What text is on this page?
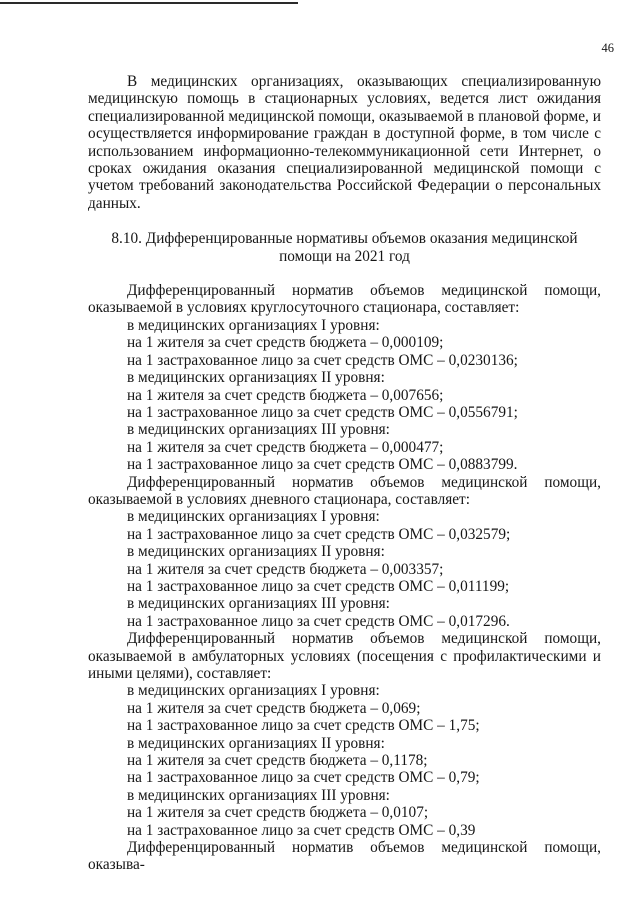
46

В медицинских организациях, оказывающих специализированную медицинскую помощь в стационарных условиях, ведется лист ожидания специализированной медицинской помощи, оказываемой в плановой форме, и осуществляется информирование граждан в доступной форме, в том числе с использованием информационно-телекоммуникационной сети Интернет, о сроках ожидания оказания специализированной медицинской помощи с учетом требований законодательства Российской Федерации о персональных данных.

8.10. Дифференцированные нормативы объемов оказания медицинской помощи на 2021 год

Дифференцированный норматив объемов медицинской помощи, оказываемой в условиях круглосуточного стационара, составляет:

в медицинских организациях I уровня:

на 1 жителя за счет средств бюджета – 0,000109;

на 1 застрахованное лицо за счет средств ОМС – 0,0230136;

в медицинских организациях II уровня:

на 1 жителя за счет средств бюджета – 0,007656;

на 1 застрахованное лицо за счет средств ОМС – 0,0556791;

в медицинских организациях III уровня:

на 1 жителя за счет средств бюджета – 0,000477;

на 1 застрахованное лицо за счет средств ОМС – 0,0883799.

Дифференцированный норматив объемов медицинской помощи, оказываемой в условиях дневного стационара, составляет:

в медицинских организациях I уровня:

на 1 застрахованное лицо за счет средств ОМС – 0,032579;

в медицинских организациях II уровня:

на 1 жителя за счет средств бюджета – 0,003357;

на 1 застрахованное лицо за счет средств ОМС – 0,011199;

в медицинских организациях III уровня:

на 1 застрахованное лицо за счет средств ОМС – 0,017296.

Дифференцированный норматив объемов медицинской помощи, оказываемой в амбулаторных условиях (посещения с профилактическими и иными целями), составляет:

в медицинских организациях I уровня:

на 1 жителя за счет средств бюджета – 0,069;

на 1 застрахованное лицо за счет средств ОМС – 1,75;

в медицинских организациях II уровня:

на 1 жителя за счет средств бюджета – 0,1178;

на 1 застрахованное лицо за счет средств ОМС – 0,79;

в медицинских организациях III уровня:

на 1 жителя за счет средств бюджета – 0,0107;

на 1 застрахованное лицо за счет средств ОМС – 0,39

Дифференцированный норматив объемов медицинской помощи, оказыва-
